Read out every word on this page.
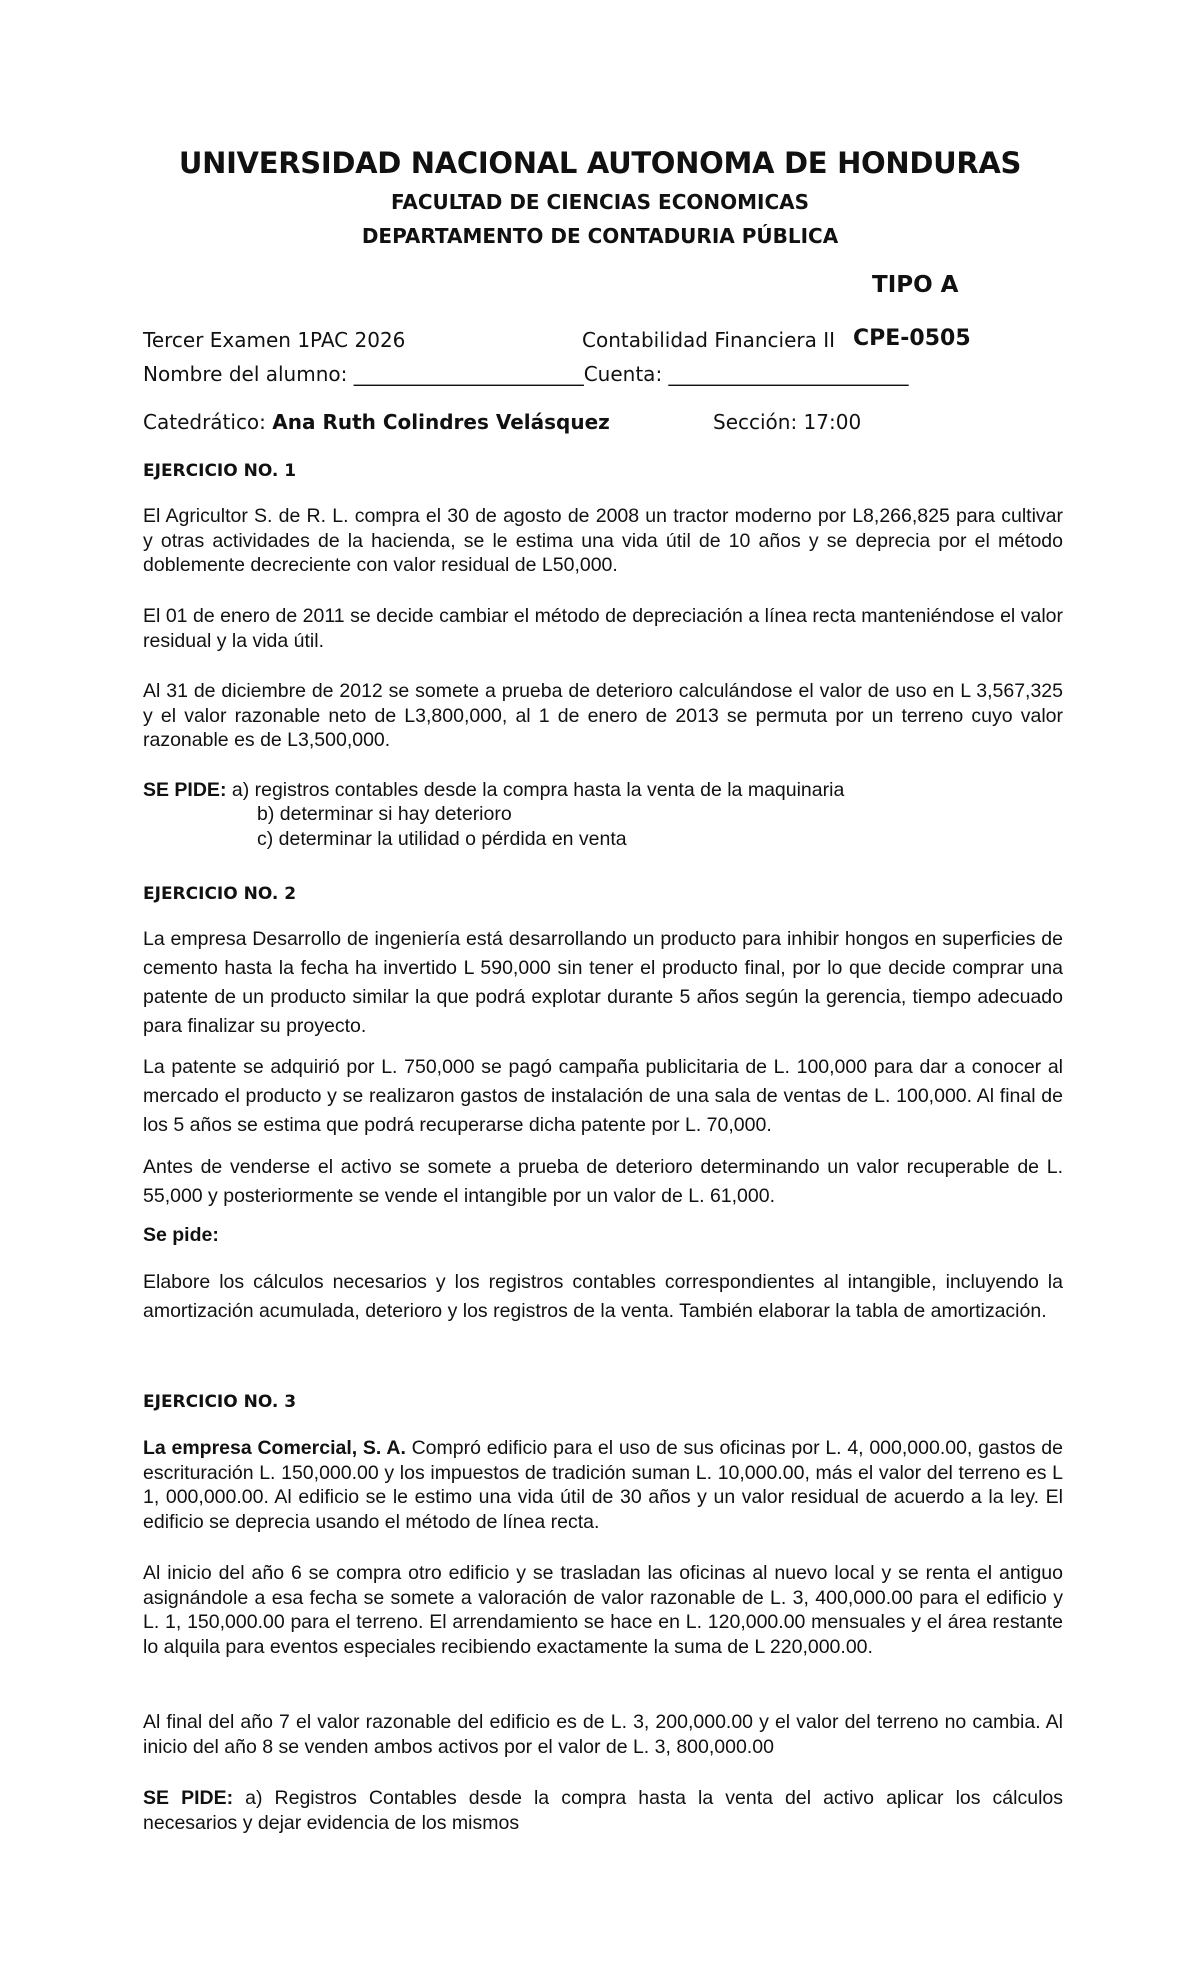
UNIVERSIDAD NACIONAL AUTONOMA DE HONDURAS
FACULTAD DE CIENCIAS ECONOMICAS
DEPARTAMENTO DE CONTADURIA PÚBLICA
TIPO A
Tercer Examen 1PAC 2026	Contabilidad Financiera II CPE-0505
Nombre del alumno: _______________________Cuenta: ________________________
Catedrático: Ana Ruth Colindres Velásquez	Sección: 17:00
EJERCICIO NO. 1
El Agricultor S. de R. L. compra el 30 de agosto de 2008 un tractor moderno por L8,266,825 para cultivar y otras actividades de la hacienda, se le estima una vida útil de 10 años y se deprecia por el método doblemente decreciente con valor residual de L50,000.
El 01 de enero de 2011 se decide cambiar el método de depreciación a línea recta manteniéndose el valor residual y la vida útil.
Al 31 de diciembre de 2012 se somete a prueba de deterioro calculándose el valor de uso en L 3,567,325 y el valor razonable neto de L3,800,000, al 1 de enero de 2013 se permuta por un terreno cuyo valor razonable es de L3,500,000.
SE PIDE: a) registros contables desde la compra hasta la venta de la maquinaria
b) determinar si hay deterioro
c) determinar la utilidad o pérdida en venta
EJERCICIO NO. 2
La empresa Desarrollo de ingeniería está desarrollando un producto para inhibir hongos en superficies de cemento hasta la fecha ha invertido L 590,000 sin tener el producto final, por lo que decide comprar una patente de un producto similar la que podrá explotar durante 5 años según la gerencia, tiempo adecuado para finalizar su proyecto.
La patente se adquirió por L. 750,000 se pagó campaña publicitaria de L. 100,000 para dar a conocer al mercado el producto y se realizaron gastos de instalación de una sala de ventas de L. 100,000. Al final de los 5 años se estima que podrá recuperarse dicha patente por L. 70,000.
Antes de venderse el activo se somete a prueba de deterioro determinando un valor recuperable de L. 55,000 y posteriormente se vende el intangible por un valor de L. 61,000.
Se pide:
Elabore los cálculos necesarios y los registros contables correspondientes al intangible, incluyendo la amortización acumulada, deterioro y los registros de la venta. También elaborar la tabla de amortización.
EJERCICIO NO. 3
La empresa Comercial, S. A. Compró edificio para el uso de sus oficinas por L. 4, 000,000.00, gastos de escrituración L. 150,000.00 y los impuestos de tradición suman L. 10,000.00, más el valor del terreno es L 1, 000,000.00. Al edificio se le estimo una vida útil de 30 años y un valor residual de acuerdo a la ley. El edificio se deprecia usando el método de línea recta.
Al inicio del año 6 se compra otro edificio y se trasladan las oficinas al nuevo local y se renta el antiguo asignándole a esa fecha se somete a valoración de valor razonable de L. 3, 400,000.00 para el edificio y L. 1, 150,000.00 para el terreno. El arrendamiento se hace en L. 120,000.00 mensuales y el área restante lo alquila para eventos especiales recibiendo exactamente la suma de L 220,000.00.
Al final del año 7 el valor razonable del edificio es de L. 3, 200,000.00 y el valor del terreno no cambia. Al inicio del año 8 se venden ambos activos por el valor de L. 3, 800,000.00
SE PIDE: a) Registros Contables desde la compra hasta la venta del activo aplicar los cálculos necesarios y dejar evidencia de los mismos
